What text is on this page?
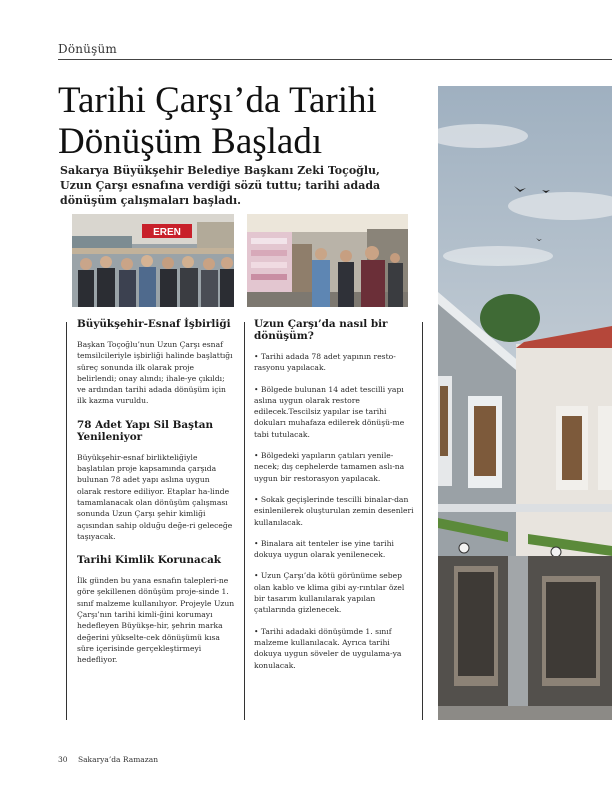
Dönüşüm
Tarihi Çarşı’da Tarihi
Dönüşüm Başladı

Sakarya Büyükşehir Belediye Başkanı Zeki Toçoğlu, Uzun Çarşı esnafına verdiği sözü tuttu; tarihi adada dönüşüm çalışmaları başladı.

EREN
Büyükşehir-Esnaf İşbirliği

Başkan Toçoğlu’nun Uzun Çarşı esnaf temsilcileriyle işbirliği halinde başlattığı süreç sonunda ilk olarak proje belirlendi; onay alındı; ihale-ye çıkıldı; ve ardından tarihi adada dönüşüm için ilk kazma vuruldu.

78 Adet Yapı Sil Baştan Yenileniyor

Büyükşehir-esnaf birlikteliğiyle başlatılan proje kapsamında çarşıda bulunan 78 adet yapı aslına uygun olarak restore ediliyor. Etaplar ha-linde tamamlanacak olan dönüşüm çalışması sonunda Uzun Çarşı şehir kimliği açısından sahip olduğu değe-ri geleceğe taşıyacak.

Tarihi Kimlik Korunacak

İlk günden bu yana esnafın talepleri-ne göre şekillenen dönüşüm proje-sinde 1. sınıf malzeme kullanılıyor. Projeyle Uzun Çarşı’nın tarihi kimli-ğini korumayı hedefleyen Büyükşe-hir, şehrin marka değerini yükselte-cek dönüşümü kısa süre içerisinde gerçekleştirmeyi hedefliyor.

Uzun Çarşı’da nasıl bir dönüşüm?

• Tarihi adada 78 adet yapının resto-rasyonu yapılacak.

• Bölgede bulunan 14 adet tescilli yapı aslına uygun olarak restore edilecek.Tescilsiz yapılar ise tarihi dokuları muhafaza edilerek dönüşü-me tabi tutulacak.

• Bölgedeki yapıların çatıları yenile-necek; dış cephelerde tamamen aslı-na uygun bir restorasyon yapılacak.

• Sokak geçişlerinde tescilli binalar-dan esinlenilerek oluşturulan zemin desenleri kullanılacak.

• Binalara ait tenteler ise yine tarihi dokuya uygun olarak yenilenecek.

• Uzun Çarşı’da kötü görünüme sebep olan kablo ve klima gibi ay-rıntılar özel bir tasarım kullanılarak yapılan çatılarında gizlenecek.

• Tarihi adadaki dönüşümde 1. sınıf malzeme kullanılacak. Ayrıca tarihi dokuya uygun söveler de uygulama-ya konulacak.

30 Sakarya’da Ramazan
